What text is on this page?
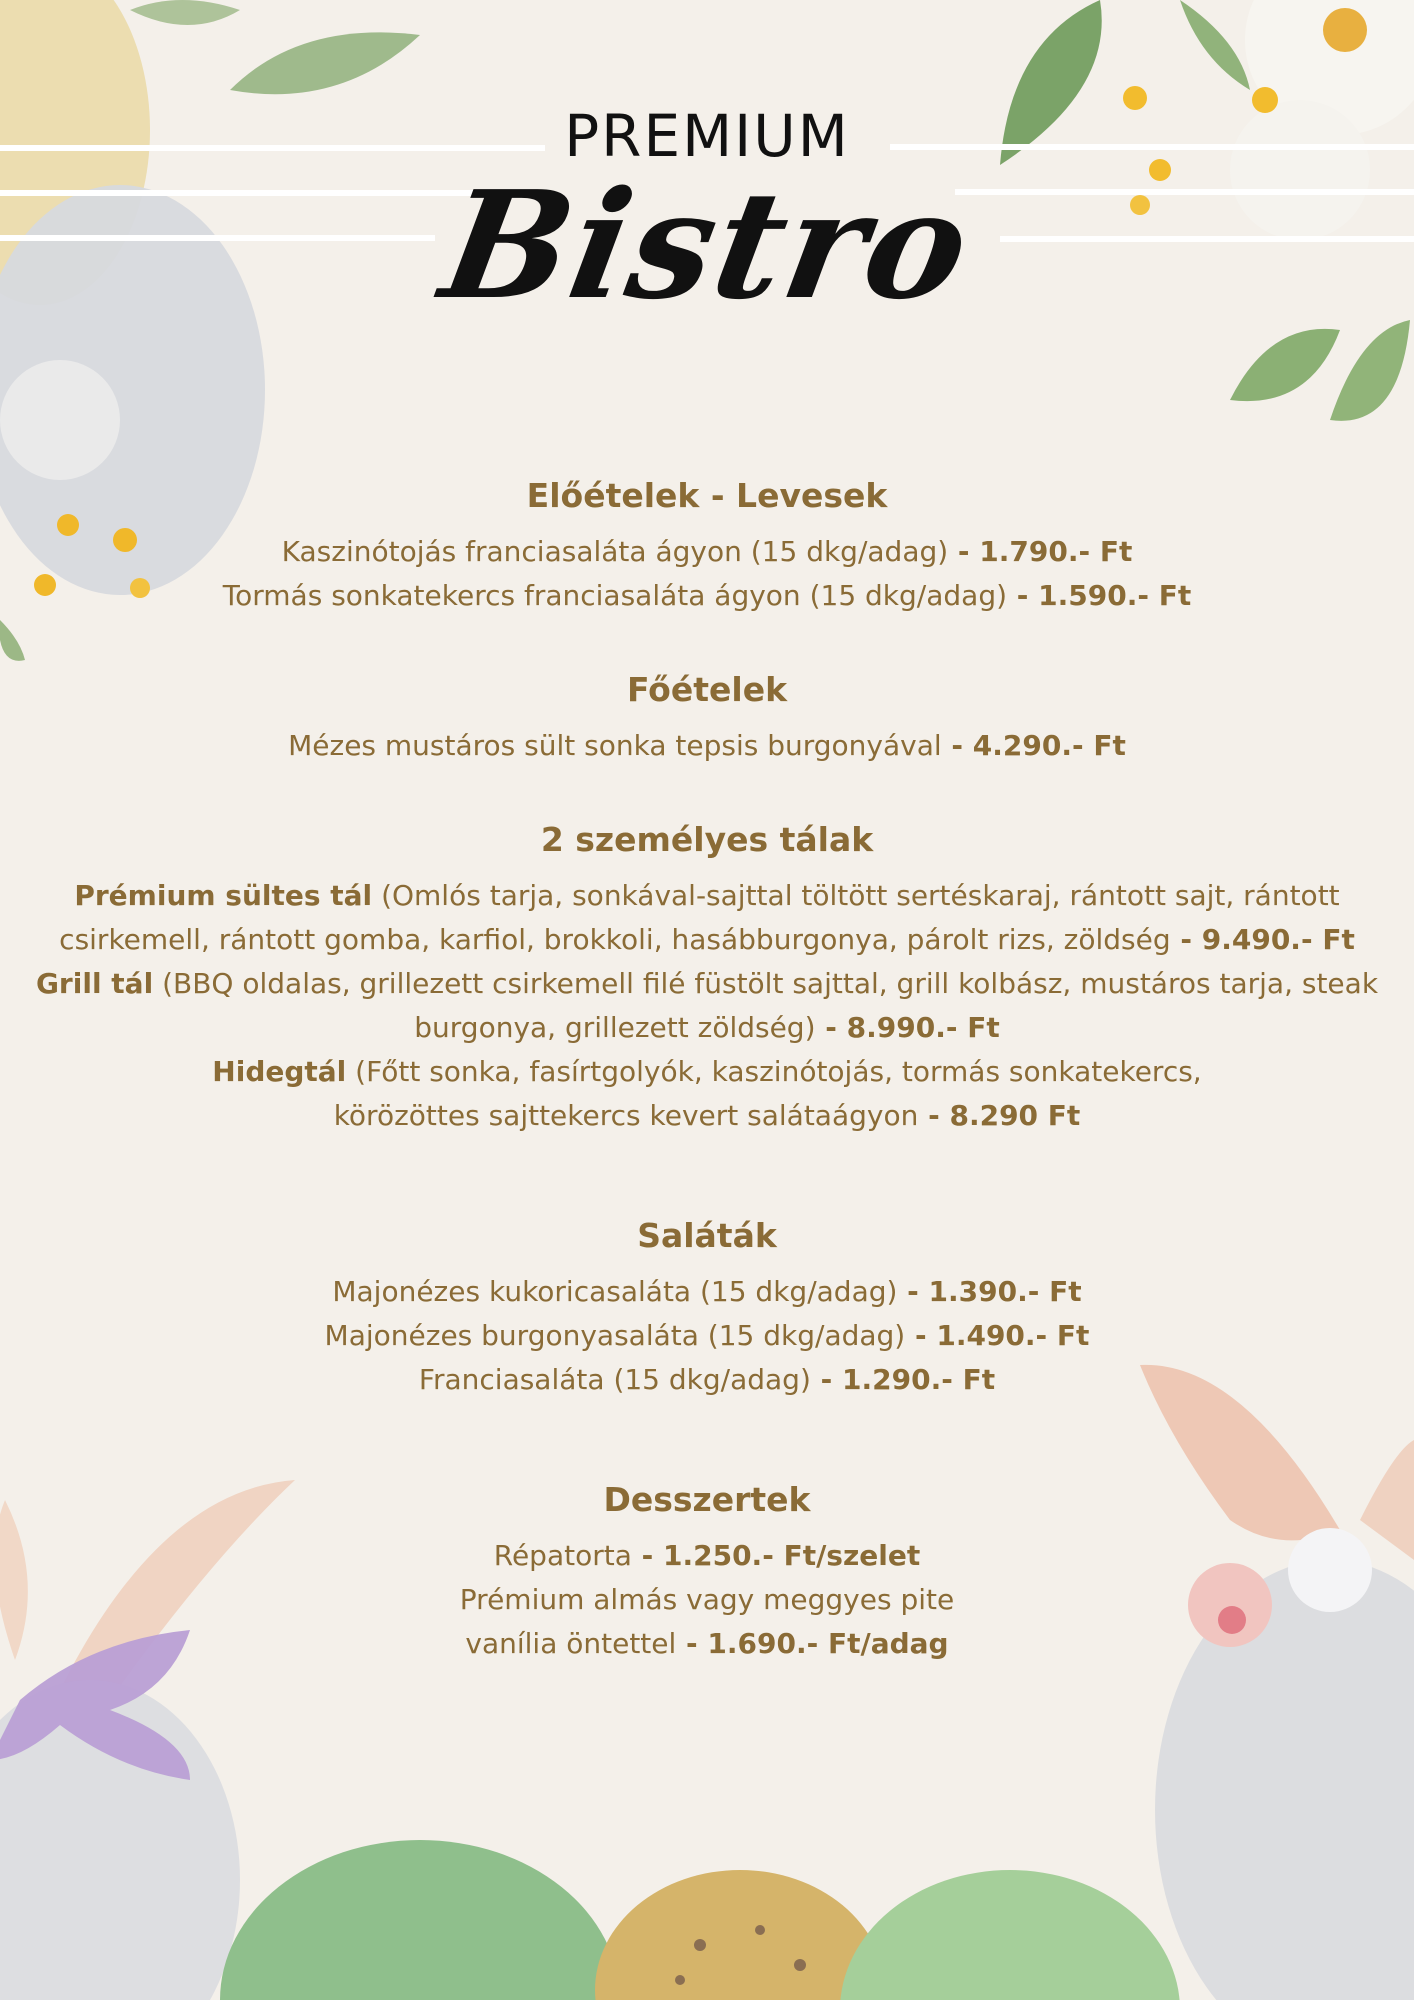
PREMIUM
Bistro
Előételek - Levesek

Kaszinótojás franciasaláta ágyon (15 dkg/adag) - 1.790.- Ft

Tormás sonkatekercs franciasaláta ágyon (15 dkg/adag) - 1.590.- Ft

Főételek

Mézes mustáros sült sonka tepsis burgonyával - 4.290.- Ft

2 személyes tálak

Prémium sültes tál (Omlós tarja, sonkával-sajttal töltött sertéskaraj, rántott sajt, rántott csirkemell, rántott gomba, karfiol, brokkoli, hasábburgonya, párolt rizs, zöldség - 9.490.- Ft

Grill tál (BBQ oldalas, grillezett csirkemell filé füstölt sajttal, grill kolbász, mustáros tarja, steak burgonya, grillezett zöldség) - 8.990.- Ft

Hidegtál (Főtt sonka, fasírtgolyók, kaszinótojás, tormás sonkatekercs, körözöttes sajttekercs kevert salátaágyon - 8.290 Ft

Saláták

Majonézes kukoricasaláta (15 dkg/adag) - 1.390.- Ft

Majonézes burgonyasaláta (15 dkg/adag) - 1.490.- Ft

Franciasaláta (15 dkg/adag) - 1.290.- Ft

Desszertek

Répatorta - 1.250.- Ft/szelet

Prémium almás vagy meggyes pite

vanília öntettel - 1.690.- Ft/adag
